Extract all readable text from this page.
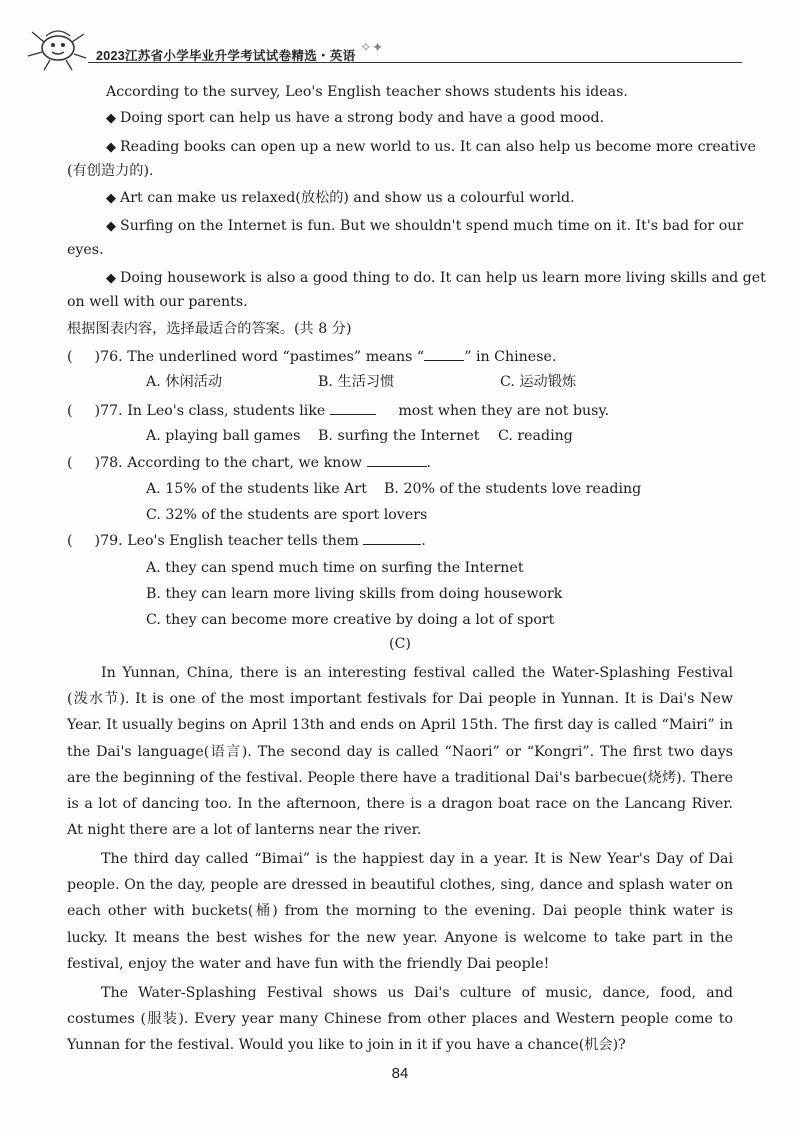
2023江苏省小学毕业升学考试试卷精选・英语 ✧✦
According to the survey, Leo's English teacher shows students his ideas.
◆ Doing sport can help us have a strong body and have a good mood.
◆ Reading books can open up a new world to us. It can also help us become more creative
(有创造力的).
◆ Art can make us relaxed(放松的) and show us a colourful world.
◆ Surfing on the Internet is fun. But we shouldn't spend much time on it. It's bad for our
eyes.
◆ Doing housework is also a good thing to do. It can help us learn more living skills and get
on well with our parents.
根据图表内容，选择最适合的答案。(共 8 分)
( )76. The underlined word “pastimes” means “	” in Chinese.
A. 休闲活动	B. 生活习惯	C. 运动锻炼
( )77. In Leo's class, students like	most when they are not busy.
A. playing ball games B. surfing the Internet C. reading
( )78. According to the chart, we know	.
A. 15% of the students like Art B. 20% of the students love reading
C. 32% of the students are sport lovers
( )79. Leo's English teacher tells them	.
A. they can spend much time on surfing the Internet
B. they can learn more living skills from doing housework
C. they can become more creative by doing a lot of sport
(C)
In Yunnan, China, there is an interesting festival called the Water-Splashing Festival (泼水节). It is one of the most important festivals for Dai people in Yunnan. It is Dai's New Year. It usually begins on April 13th and ends on April 15th. The first day is called “Mairi” in the Dai's language(语言). The second day is called “Naori” or “Kongri”. The first two days are the beginning of the festival. People there have a traditional Dai's barbecue(烧烤). There is a lot of dancing too. In the afternoon, there is a dragon boat race on the Lancang River. At night there are a lot of lanterns near the river.
The third day called “Bimai” is the happiest day in a year. It is New Year's Day of Dai people. On the day, people are dressed in beautiful clothes, sing, dance and splash water on each other with buckets(桶) from the morning to the evening. Dai people think water is lucky. It means the best wishes for the new year. Anyone is welcome to take part in the festival, enjoy the water and have fun with the friendly Dai people!
The Water-Splashing Festival shows us Dai's culture of music, dance, food, and costumes (服装). Every year many Chinese from other places and Western people come to Yunnan for the festival. Would you like to join in it if you have a chance(机会)?
84
